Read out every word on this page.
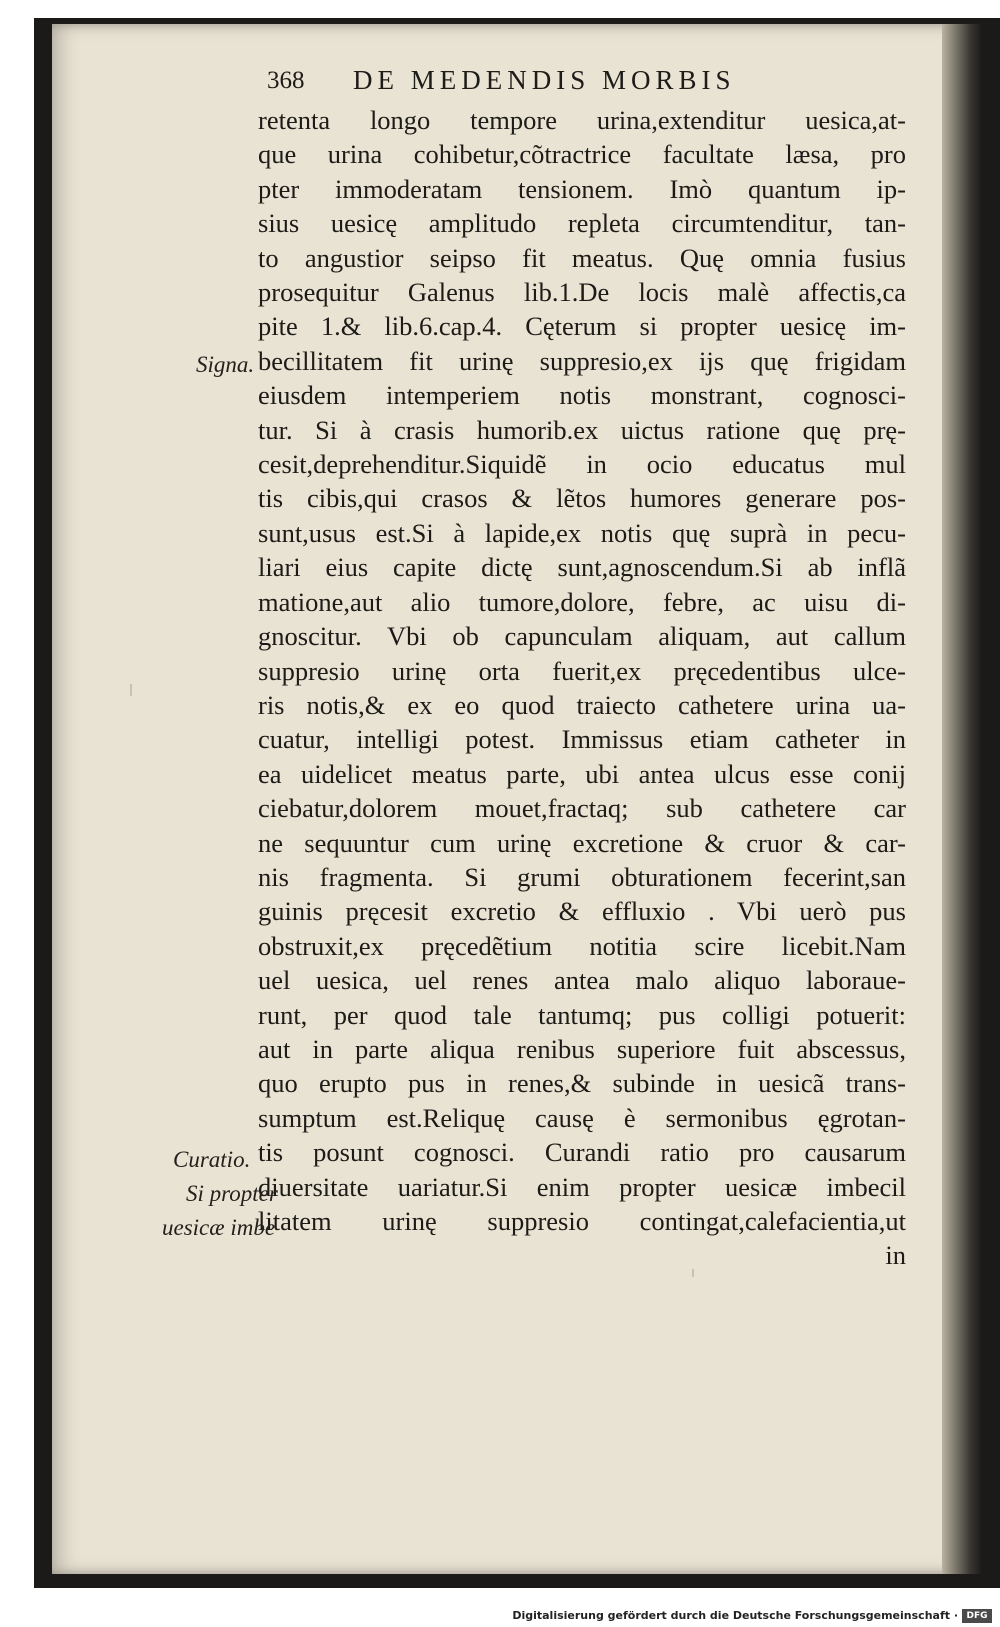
368 DE MEDENDIS MORBIS
retenta longo tempore urina,extenditur uesica,at-
que urina cohibetur,cõtractrice facultate læsa, pro
pter immoderatam tensionem. Imò quantum ip-
sius uesicę amplitudo repleta circumtenditur, tan-
to angustior seipso fit meatus. Quę omnia fusius
prosequitur Galenus lib.1.De locis malè affectis,ca
pite 1.& lib.6.cap.4. Cęterum si propter uesicę im-
becillitatem fit urinę suppresio,ex ijs quę frigidam
eiusdem intemperiem notis monstrant, cognosci-
tur. Si à crasis humorib.ex uictus ratione quę prę-
cesit,deprehenditur.Siquidẽ in ocio educatus mul
tis cibis,qui crasos & lẽtos humores generare pos-
sunt,usus est.Si à lapide,ex notis quę suprà in pecu-
liari eius capite dictę sunt,agnoscendum.Si ab inflã
matione,aut alio tumore,dolore, febre, ac uisu di-
gnoscitur. Vbi ob caрunculam aliquam, aut callum
suppresio urinę orta fuerit,ex pręcedentibus ulce-
ris notis,& ex eo quod traiecto cathetere urina ua-
cuatur, intelligi potest. Immissus etiam catheter in
ea uidelicet meatus parte, ubi antea ulcus esse conij
ciebatur,dolorem mouet,fractaq; sub cathetere car
ne sequuntur cum urinę excretione & cruor & car-
nis fragmenta. Si grumi obturationem fecerint,san
guinis pręcesit excretio & effluxio . Vbi uerò pus
obstruxit,ex pręcedẽtium notitia scire licebit.Nam
uel uesica, uel renes antea malo aliquo laborauе-
runt, per quod tale tantumq; pus colligi potuerit:
aut in parte aliqua renibus superiore fuit abscessus,
quo erupto pus in renes,& subinde in uesicã trans-
sumptum est.Reliquę causę è sermonibus ęgrotan-
tis posunt cognosci. Curandi ratio pro causarum
diuersitate uariatur.Si enim propter uesicæ imbecil
litatem urinę suppresio contingat,calefacientia,ut
in
Signa.
Curatio.
Si propter
uesicæ imbe
Digitalisierung gefördert durch die Deutsche Forschungsgemeinschaft · DFG
